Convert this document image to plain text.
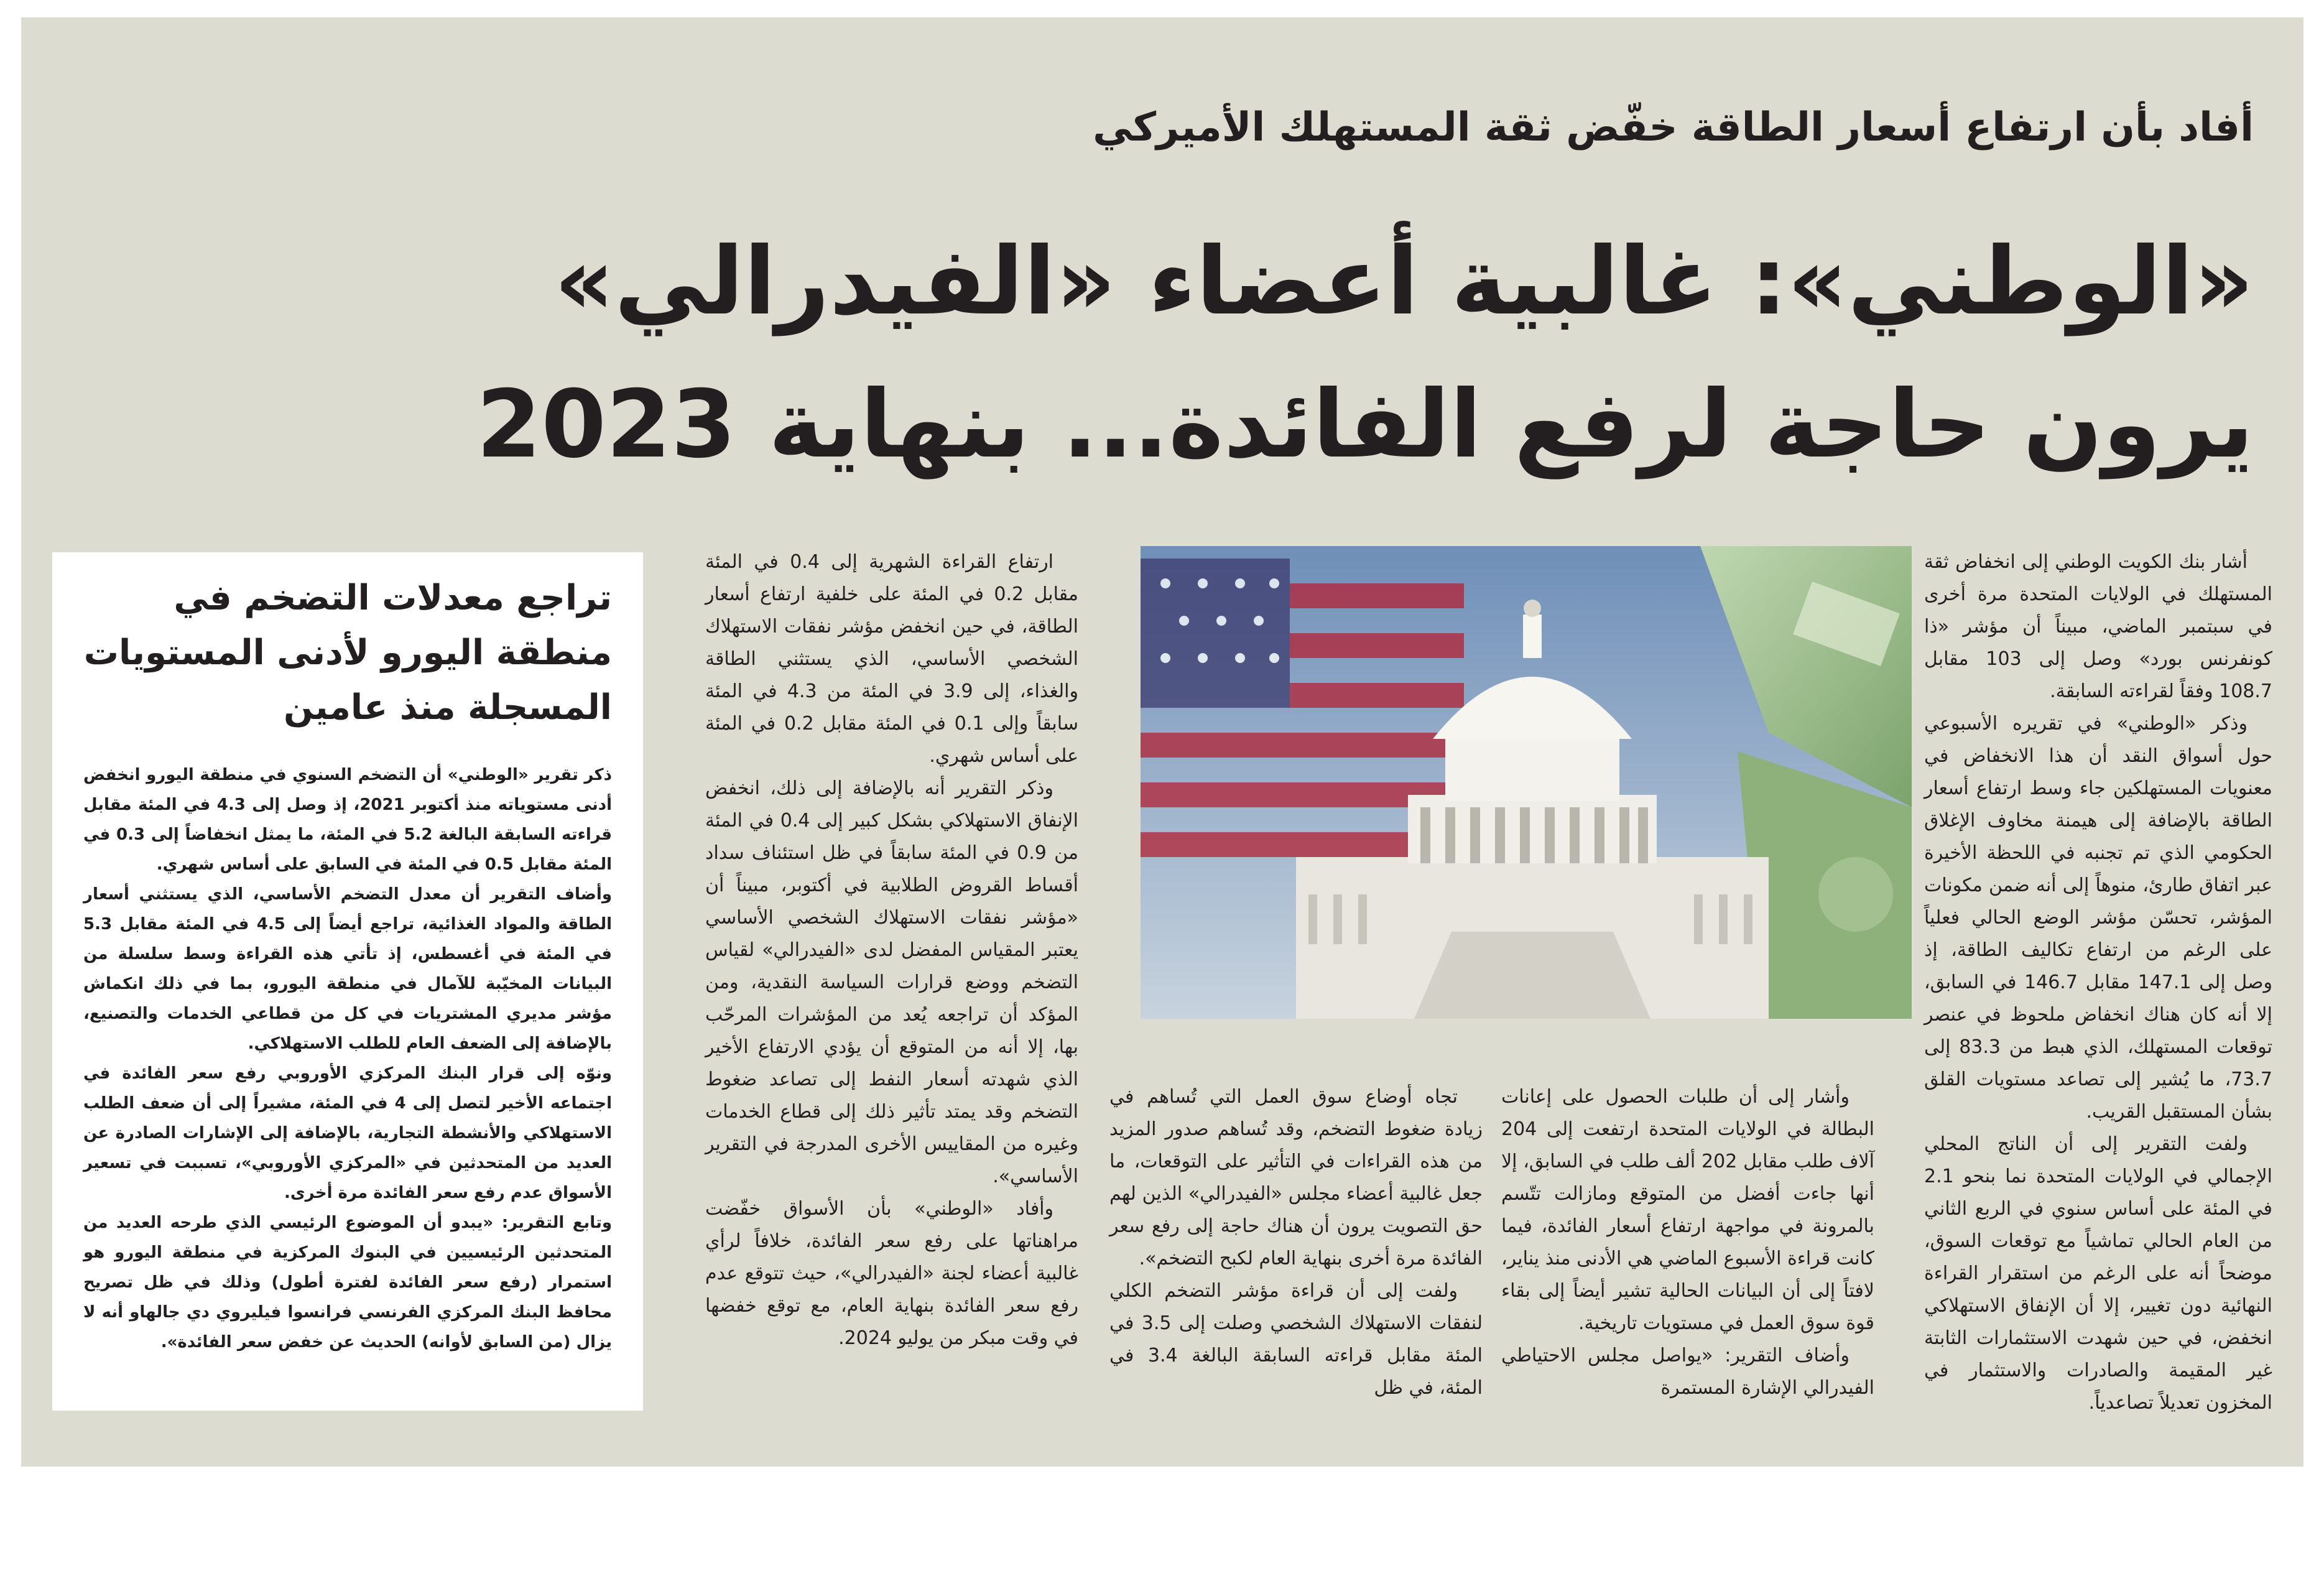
أفاد بأن ارتفاع أسعار الطاقة خفّض ثقة المستهلك الأميركي
«الوطني»: غالبية أعضاء «الفيدرالي»
يرون حاجة لرفع الفائدة... بنهاية 2023

أشار بنك الكويت الوطني إلى انخفاض ثقة المستهلك في الولايات المتحدة مرة أخرى في سبتمبر الماضي، مبيناً أن مؤشر «ذا كونفرنس بورد» وصل إلى 103 مقابل 108.7 وفقاً لقراءته السابقة.

وذكر «الوطني» في تقريره الأسبوعي حول أسواق النقد أن هذا الانخفاض في معنويات المستهلكين جاء وسط ارتفاع أسعار الطاقة بالإضافة إلى هيمنة مخاوف الإغلاق الحكومي الذي تم تجنبه في اللحظة الأخيرة عبر اتفاق طارئ، منوهاً إلى أنه ضمن مكونات المؤشر، تحسّن مؤشر الوضع الحالي فعلياً على الرغم من ارتفاع تكاليف الطاقة، إذ وصل إلى 147.1 مقابل 146.7 في السابق، إلا أنه كان هناك انخفاض ملحوظ في عنصر توقعات المستهلك، الذي هبط من 83.3 إلى 73.7، ما يُشير إلى تصاعد مستويات القلق بشأن المستقبل القريب.

ولفت التقرير إلى أن الناتج المحلي الإجمالي في الولايات المتحدة نما بنحو 2.1 في المئة على أساس سنوي في الربع الثاني من العام الحالي تماشياً مع توقعات السوق، موضحاً أنه على الرغم من استقرار القراءة النهائية دون تغيير، إلا أن الإنفاق الاستهلاكي انخفض، في حين شهدت الاستثمارات الثابتة غير المقيمة والصادرات والاستثمار في المخزون تعديلاً تصاعدياً.

وأشار إلى أن طلبات الحصول على إعانات البطالة في الولايات المتحدة ارتفعت إلى 204 آلاف طلب مقابل 202 ألف طلب في السابق، إلا أنها جاءت أفضل من المتوقع ومازالت تتّسم بالمرونة في مواجهة ارتفاع أسعار الفائدة، فيما كانت قراءة الأسبوع الماضي هي الأدنى منذ يناير، لافتاً إلى أن البيانات الحالية تشير أيضاً إلى بقاء قوة سوق العمل في مستويات تاريخية.

وأضاف التقرير: «يواصل مجلس الاحتياطي الفيدرالي الإشارة المستمرة

تجاه أوضاع سوق العمل التي تُساهم في زيادة ضغوط التضخم، وقد تُساهم صدور المزيد من هذه القراءات في التأثير على التوقعات، ما جعل غالبية أعضاء مجلس «الفيدرالي» الذين لهم حق التصويت يرون أن هناك حاجة إلى رفع سعر الفائدة مرة أخرى بنهاية العام لكبح التضخم».

ولفت إلى أن قراءة مؤشر التضخم الكلي لنفقات الاستهلاك الشخصي وصلت إلى 3.5 في المئة مقابل قراءته السابقة البالغة 3.4 في المئة، في ظل

ارتفاع القراءة الشهرية إلى 0.4 في المئة مقابل 0.2 في المئة على خلفية ارتفاع أسعار الطاقة، في حين انخفض مؤشر نفقات الاستهلاك الشخصي الأساسي، الذي يستثني الطاقة والغذاء، إلى 3.9 في المئة من 4.3 في المئة سابقاً وإلى 0.1 في المئة مقابل 0.2 في المئة على أساس شهري.

وذكر التقرير أنه بالإضافة إلى ذلك، انخفض الإنفاق الاستهلاكي بشكل كبير إلى 0.4 في المئة من 0.9 في المئة سابقاً في ظل استئناف سداد أقساط القروض الطلابية في أكتوبر، مبيناً أن «مؤشر نفقات الاستهلاك الشخصي الأساسي يعتبر المقياس المفضل لدى «الفيدرالي» لقياس التضخم ووضع قرارات السياسة النقدية، ومن المؤكد أن تراجعه يُعد من المؤشرات المرحّب بها، إلا أنه من المتوقع أن يؤدي الارتفاع الأخير الذي شهدته أسعار النفط إلى تصاعد ضغوط التضخم وقد يمتد تأثير ذلك إلى قطاع الخدمات وغيره من المقاييس الأخرى المدرجة في التقرير الأساسي».

وأفاد «الوطني» بأن الأسواق خفّضت مراهناتها على رفع سعر الفائدة، خلافاً لرأي غالبية أعضاء لجنة «الفيدرالي»، حيث تتوقع عدم رفع سعر الفائدة بنهاية العام، مع توقع خفضها في وقت مبكر من يوليو 2024.

تراجع معدلات التضخم في منطقة اليورو لأدنى المستويات المسجلة منذ عامين

ذكر تقرير «الوطني» أن التضخم السنوي في منطقة اليورو انخفض أدنى مستوياته منذ أكتوبر 2021، إذ وصل إلى 4.3 في المئة مقابل قراءته السابقة البالغة 5.2 في المئة، ما يمثل انخفاضاً إلى 0.3 في المئة مقابل 0.5 في المئة في السابق على أساس شهري.

وأضاف التقرير أن معدل التضخم الأساسي، الذي يستثني أسعار الطاقة والمواد الغذائية، تراجع أيضاً إلى 4.5 في المئة مقابل 5.3 في المئة في أغسطس، إذ تأتي هذه القراءة وسط سلسلة من البيانات المخيّبة للآمال في منطقة اليورو، بما في ذلك انكماش مؤشر مديري المشتريات في كل من قطاعي الخدمات والتصنيع، بالإضافة إلى الضعف العام للطلب الاستهلاكي.

ونوّه إلى قرار البنك المركزي الأوروبي رفع سعر الفائدة في اجتماعه الأخير لتصل إلى 4 في المئة، مشيراً إلى أن ضعف الطلب الاستهلاكي والأنشطة التجارية، بالإضافة إلى الإشارات الصادرة عن العديد من المتحدثين في «المركزي الأوروبي»، تسببت في تسعير الأسواق عدم رفع سعر الفائدة مرة أخرى.

وتابع التقرير: «يبدو أن الموضوع الرئيسي الذي طرحه العديد من المتحدثين الرئيسيين في البنوك المركزية في منطقة اليورو هو استمرار (رفع سعر الفائدة لفترة أطول) وذلك في ظل تصريح محافظ البنك المركزي الفرنسي فرانسوا فيليروي دي جالهاو أنه لا يزال (من السابق لأوانه) الحديث عن خفض سعر الفائدة».
